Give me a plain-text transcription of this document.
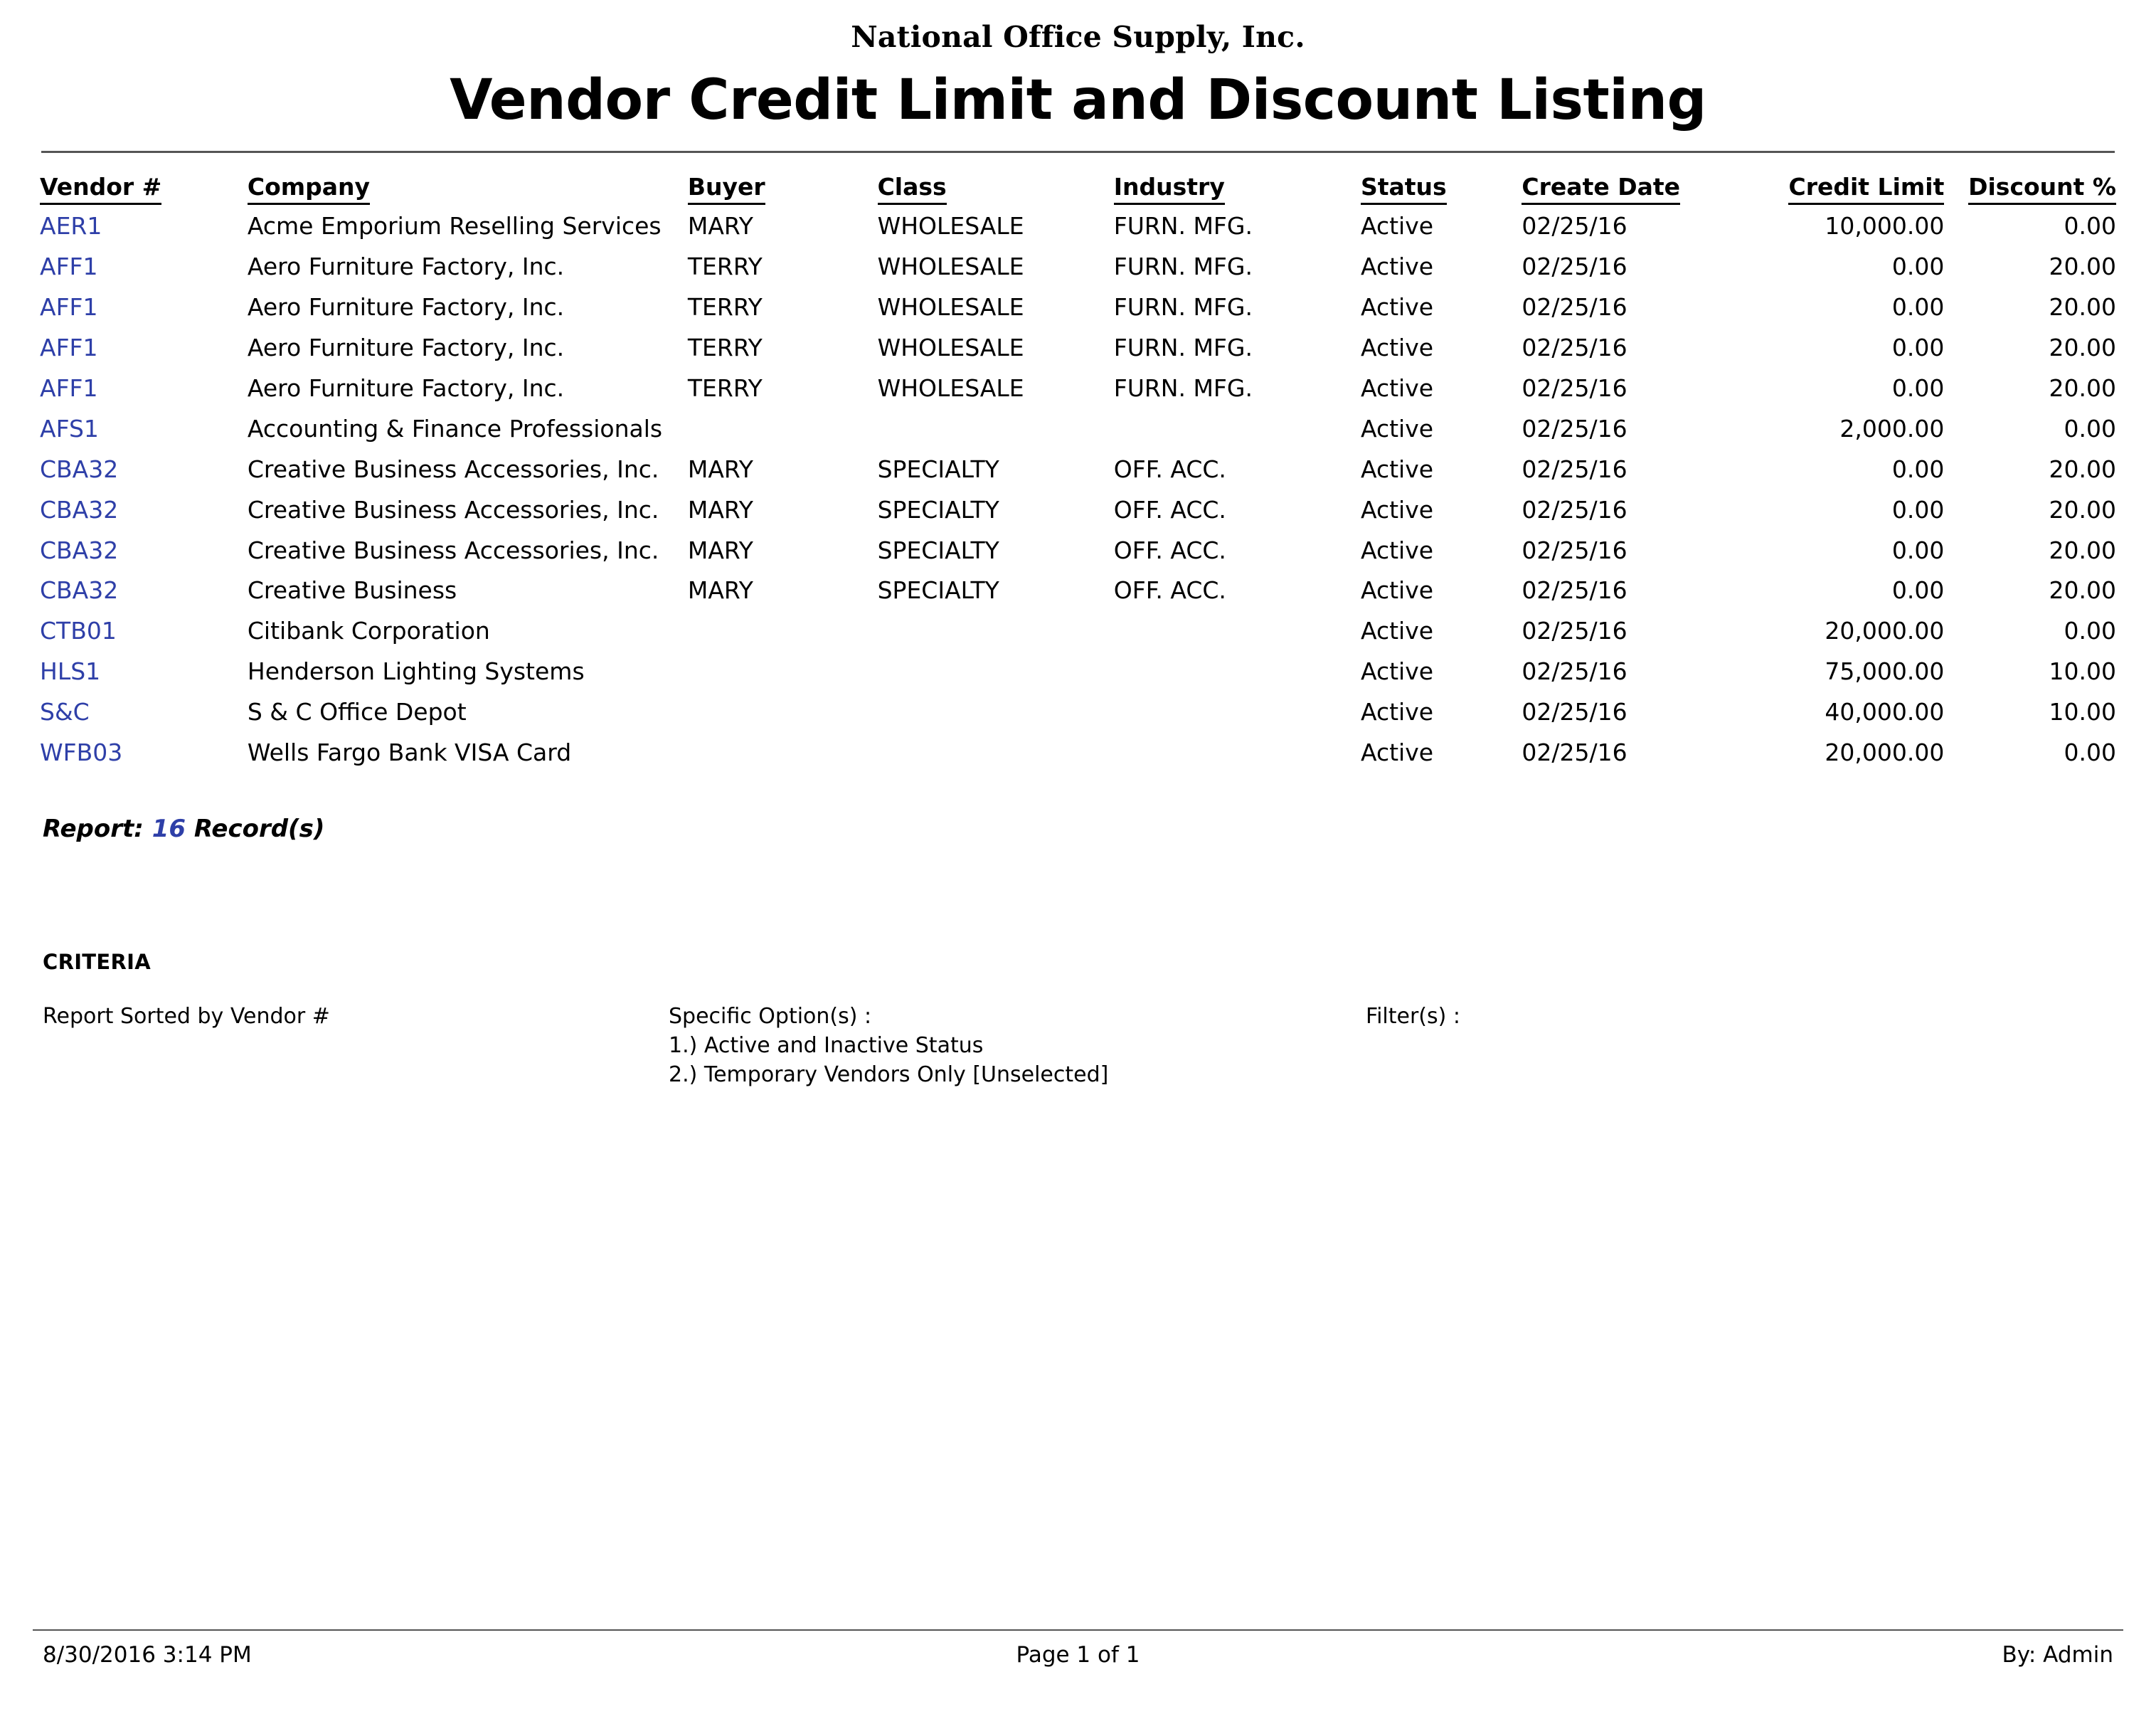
National Office Supply, Inc.
Vendor Credit Limit and Discount Listing
Vendor #	Company	Buyer	Class	Industry	Status	Create Date	Credit Limit	Discount %
AER1	Acme Emporium Reselling Services	MARY	WHOLESALE	FURN. MFG.	Active	02/25/16	10,000.00	0.00
AFF1	Aero Furniture Factory, Inc.	TERRY	WHOLESALE	FURN. MFG.	Active	02/25/16	0.00	20.00
AFF1	Aero Furniture Factory, Inc.	TERRY	WHOLESALE	FURN. MFG.	Active	02/25/16	0.00	20.00
AFF1	Aero Furniture Factory, Inc.	TERRY	WHOLESALE	FURN. MFG.	Active	02/25/16	0.00	20.00
AFF1	Aero Furniture Factory, Inc.	TERRY	WHOLESALE	FURN. MFG.	Active	02/25/16	0.00	20.00
AFS1	Accounting & Finance Professionals				Active	02/25/16	2,000.00	0.00
CBA32	Creative Business Accessories, Inc.	MARY	SPECIALTY	OFF. ACC.	Active	02/25/16	0.00	20.00
CBA32	Creative Business Accessories, Inc.	MARY	SPECIALTY	OFF. ACC.	Active	02/25/16	0.00	20.00
CBA32	Creative Business Accessories, Inc.	MARY	SPECIALTY	OFF. ACC.	Active	02/25/16	0.00	20.00
CBA32	Creative Business	MARY	SPECIALTY	OFF. ACC.	Active	02/25/16	0.00	20.00
CTB01	Citibank Corporation				Active	02/25/16	20,000.00	0.00
HLS1	Henderson Lighting Systems				Active	02/25/16	75,000.00	10.00
S&C	S & C Office Depot				Active	02/25/16	40,000.00	10.00
WFB03	Wells Fargo Bank VISA Card				Active	02/25/16	20,000.00	0.00
Report: 16 Record(s)
CRITERIA
Report Sorted by Vendor #	Specific Option(s) :
1.) Active and Inactive Status
2.) Temporary Vendors Only [Unselected]
Filter(s) :
8/30/2016 3:14 PM	Page 1 of 1	By: Admin
